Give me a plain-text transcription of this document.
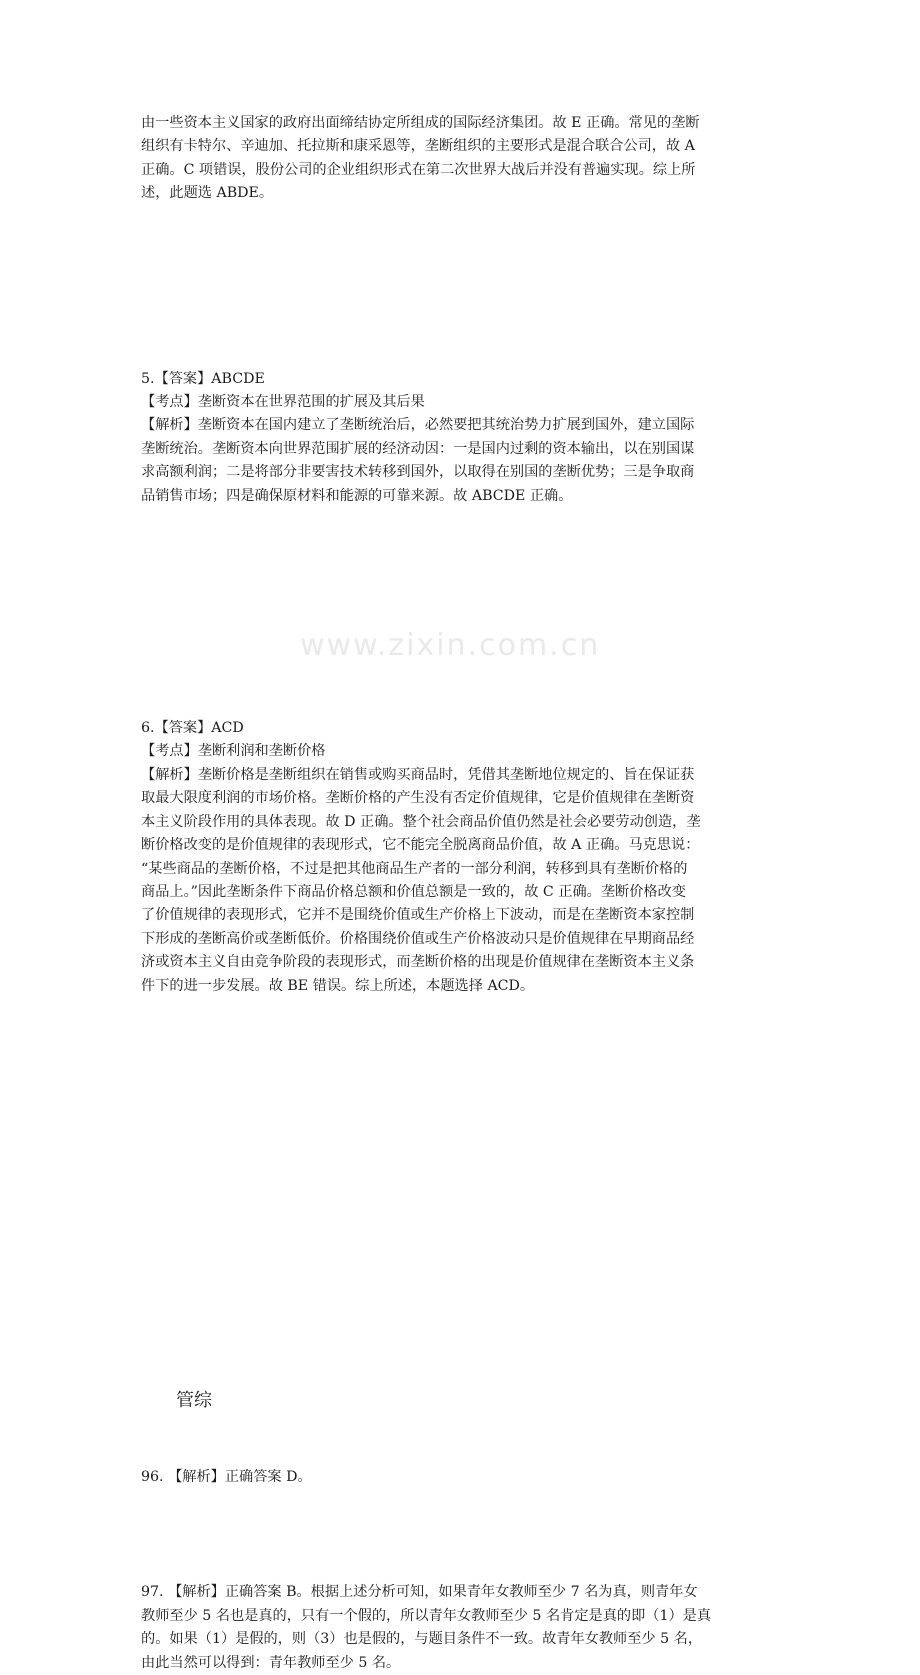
www.zixin.com.cn
由一些资本主义国家的政府出面缔结协定所组成的国际经济集团。故 E 正确。常见的垄断
组织有卡特尔、辛迪加、托拉斯和康采恩等，垄断组织的主要形式是混合联合公司，故 A
正确。C 项错误，股份公司的企业组织形式在第二次世界大战后并没有普遍实现。综上所
述，此题选 ABDE。
5.【答案】ABCDE
【考点】垄断资本在世界范围的扩展及其后果
【解析】垄断资本在国内建立了垄断统治后，必然要把其统治势力扩展到国外，建立国际
垄断统治。垄断资本向世界范围扩展的经济动因：一是国内过剩的资本输出，以在别国谋
求高额利润；二是将部分非要害技术转移到国外，以取得在别国的垄断优势；三是争取商
品销售市场；四是确保原材料和能源的可靠来源。故 ABCDE 正确。
6.【答案】ACD
【考点】垄断利润和垄断价格
【解析】垄断价格是垄断组织在销售或购买商品时，凭借其垄断地位规定的、旨在保证获
取最大限度利润的市场价格。垄断价格的产生没有否定价值规律，它是价值规律在垄断资
本主义阶段作用的具体表现。故 D 正确。整个社会商品价值仍然是社会必要劳动创造，垄
断价格改变的是价值规律的表现形式，它不能完全脱离商品价值，故 A 正确。马克思说：
“某些商品的垄断价格，不过是把其他商品生产者的一部分利润，转移到具有垄断价格的
商品上。”因此垄断条件下商品价格总额和价值总额是一致的，故 C 正确。垄断价格改变
了价值规律的表现形式，它并不是围绕价值或生产价格上下波动，而是在垄断资本家控制
下形成的垄断高价或垄断低价。价格围绕价值或生产价格波动只是价值规律在早期商品经
济或资本主义自由竞争阶段的表现形式，而垄断价格的出现是价值规律在垄断资本主义条
件下的进一步发展。故 BE 错误。综上所述，本题选择 ACD。
管综
96. 【解析】正确答案 D。
97. 【解析】正确答案 B。根据上述分析可知，如果青年女教师至少 7 名为真，则青年女
教师至少 5 名也是真的，只有一个假的，所以青年女教师至少 5 名肯定是真的即（1）是真
的。如果（1）是假的，则（3）也是假的，与题目条件不一致。故青年女教师至少 5 名，
由此当然可以得到：青年教师至少 5 名。
